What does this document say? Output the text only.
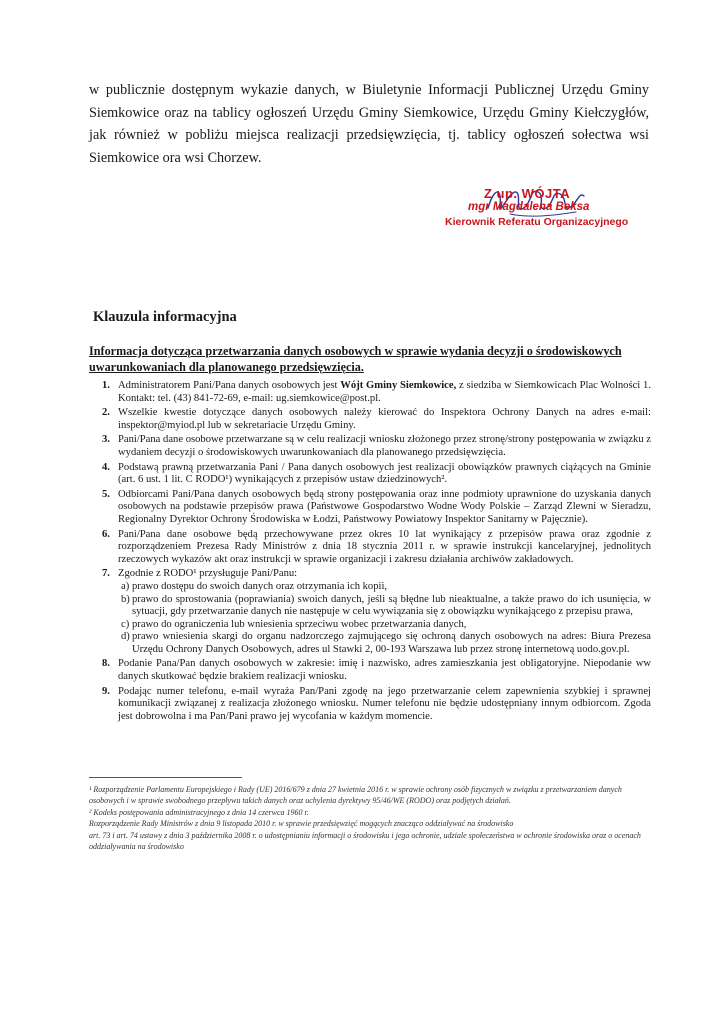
w publicznie dostępnym wykazie danych, w Biuletynie Informacji Publicznej Urzędu Gminy Siemkowice oraz na tablicy ogłoszeń Urzędu Gminy Siemkowice, Urzędu Gminy Kiełczygłów, jak również w pobliżu miejsca realizacji przedsięwzięcia, tj. tablicy ogłoszeń sołectwa wsi Siemkowice ora wsi Chorzew.

Z up. WÓJTA
mgr Magdalena Beksa
Kierownik Referatu Organizacyjnego
Klauzula informacyjna

Informacja dotycząca przetwarzania danych osobowych w sprawie wydania decyzji o środowiskowych uwarunkowaniach dla planowanego przedsięwzięcia.

1. Administratorem Pani/Pana danych osobowych jest Wójt Gminy Siemkowice, z siedziba w Siemkowicach Plac Wolności 1. Kontakt: tel. (43) 841-72-69, e-mail: ug.siemkowice@post.pl.
2. Wszelkie kwestie dotyczące danych osobowych należy kierować do Inspektora Ochrony Danych na adres e-mail: inspektor@myiod.pl lub w sekretariacie Urzędu Gminy.
3. Pani/Pana dane osobowe przetwarzane są w celu realizacji wniosku złożonego przez stronę/strony postępowania w związku z wydaniem decyzji o środowiskowych uwarunkowaniach dla planowanego przedsięwzięcia.
4. Podstawą prawną przetwarzania Pani / Pana danych osobowych jest realizacji obowiązków prawnych ciążących na Gminie (art. 6 ust. 1 lit. C RODO¹) wynikających z przepisów ustaw dziedzinowych².
5. Odbiorcami Pani/Pana danych osobowych będą strony postępowania oraz inne podmioty uprawnione do uzyskania danych osobowych na podstawie przepisów prawa (Państwowe Gospodarstwo Wodne Wody Polskie – Zarząd Zlewni w Sieradzu, Regionalny Dyrektor Ochrony Środowiska w Łodzi, Państwowy Powiatowy Inspektor Sanitarny w Pajęcznie).
6. Pani/Pana dane osobowe będą przechowywane przez okres 10 lat wynikający z przepisów prawa oraz zgodnie z rozporządzeniem Prezesa Rady Ministrów z dnia 18 stycznia 2011 r. w sprawie instrukcji kancelaryjnej, jednolitych rzeczowych wykazów akt oraz instrukcji w sprawie organizacji i zakresu działania archiwów zakładowych.
7. Zgodnie z RODO¹ przysługuje Pani/Panu:
a) prawo dostępu do swoich danych oraz otrzymania ich kopii,
b) prawo do sprostowania (poprawiania) swoich danych, jeśli są błędne lub nieaktualne, a także prawo do ich usunięcia, w sytuacji, gdy przetwarzanie danych nie następuje w celu wywiązania się z obowiązku wynikającego z przepisu prawa,
c) prawo do ograniczenia lub wniesienia sprzeciwu wobec przetwarzania danych,
d) prawo wniesienia skargi do organu nadzorczego zajmującego się ochroną danych osobowych na adres: Biura Prezesa Urzędu Ochrony Danych Osobowych, adres ul Stawki 2, 00-193 Warszawa lub przez stronę internetową uodo.gov.pl.
8. Podanie Pana/Pan danych osobowych w zakresie: imię i nazwisko, adres zamieszkania jest obligatoryjne. Niepodanie ww danych skutkować będzie brakiem realizacji wniosku.
9. Podając numer telefonu, e-mail wyraża Pan/Pani zgodę na jego przetwarzanie celem zapewnienia szybkiej i sprawnej komunikacji związanej z realizacja złożonego wniosku. Numer telefonu nie będzie udostępniany innym odbiorcom. Zgoda jest dobrowolna i ma Pan/Pani prawo jej wycofania w każdym momencie.

¹ Rozporządzenie Parlamentu Europejskiego i Rady (UE) 2016/679 z dnia 27 kwietnia 2016 r. w sprawie ochrony osób fizycznych w związku z przetwarzaniem danych osobowych i w sprawie swobodnego przepływu takich danych oraz uchylenia dyrektywy 95/46/WE (RODO) oraz podjętych działań.

² Kodeks postępowania administracyjnego z dnia 14 czerwca 1960 r.

Rozporządzenie Rady Ministrów z dnia 9 listopada 2010 r. w sprawie przedsięwzięć mogących znacząco oddziaływać na środowisko

art. 73 i art. 74 ustawy z dnia 3 października 2008 r. o udostępnianiu informacji o środowisku i jego ochronie, udziale społeczeństwa w ochronie środowiska oraz o ocenach oddziaływania na środowisko
